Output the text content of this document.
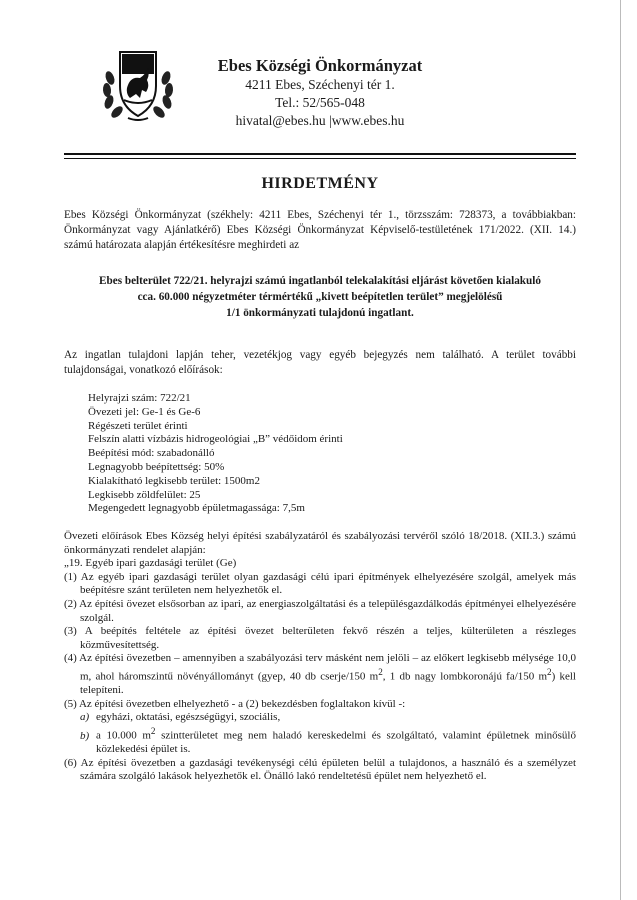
Ebes Községi Önkormányzat
4211 Ebes, Széchenyi tér 1.
Tel.: 52/565-048
hivatal@ebes.hu |www.ebes.hu
HIRDETMÉNY
Ebes Községi Önkormányzat (székhely: 4211 Ebes, Széchenyi tér 1., törzsszám: 728373, a továbbiakban: Önkormányzat vagy Ajánlatkérő) Ebes Községi Önkormányzat Képviselő-testületének 171/2022. (XII. 14.) számú határozata alapján értékesítésre meghirdeti az
Ebes belterület 722/21. helyrajzi számú ingatlanból telekalakítási eljárást követően kialakuló
cca. 60.000 négyzetméter térmértékű „kivett beépítetlen terület” megjelölésű
1/1 önkormányzati tulajdonú ingatlant.
Az ingatlan tulajdoni lapján teher, vezetékjog vagy egyéb bejegyzés nem található. A terület további tulajdonságai, vonatkozó előírások:
Helyrajzi szám: 722/21
Övezeti jel: Ge-1 és Ge-6
Régészeti terület érinti
Felszín alatti vízbázis hidrogeológiai „B” védőidom érinti
Beépítési mód: szabadonálló
Legnagyobb beépítettség: 50%
Kialakítható legkisebb terület: 1500m2
Legkisebb zöldfelület: 25
Megengedett legnagyobb épületmagassága: 7,5m

Övezeti előírások Ebes Község helyi építési szabályzatáról és szabályozási tervéről szóló 18/2018. (XII.3.) számú önkormányzati rendelet alapján:

„19. Egyéb ipari gazdasági terület (Ge)

(1) Az egyéb ipari gazdasági terület olyan gazdasági célú ipari építmények elhelyezésére szolgál, amelyek más beépítésre szánt területen nem helyezhetők el.

(2) Az építési övezet elsősorban az ipari, az energiaszolgáltatási és a településgazdálkodás építményei elhelyezésére szolgál.

(3) A beépítés feltétele az építési övezet belterületen fekvő részén a teljes, külterületen a részleges közművesítettség.

(4) Az építési övezetben – amennyiben a szabályozási terv másként nem jelöli – az előkert legkisebb mélysége 10,0 m, ahol háromszintű növényállományt (gyep, 40 db cserje/150 $m^2$, 1 db nagy lombkoronájú fa/150 $m^2$) kell telepíteni.

(5) Az építési övezetben elhelyezhető - a (2) bekezdésben foglaltakon kívül -:

a) egyházi, oktatási, egészségügyi, szociális,

b) a 10.000 $m^2$ szintterületet meg nem haladó kereskedelmi és szolgáltató, valamint épületnek minősülő közlekedési épület is.

(6) Az építési övezetben a gazdasági tevékenységi célú épületen belül a tulajdonos, a használó és a személyzet számára szolgáló lakások helyezhetők el. Önálló lakó rendeltetésű épület nem helyezhető el.
